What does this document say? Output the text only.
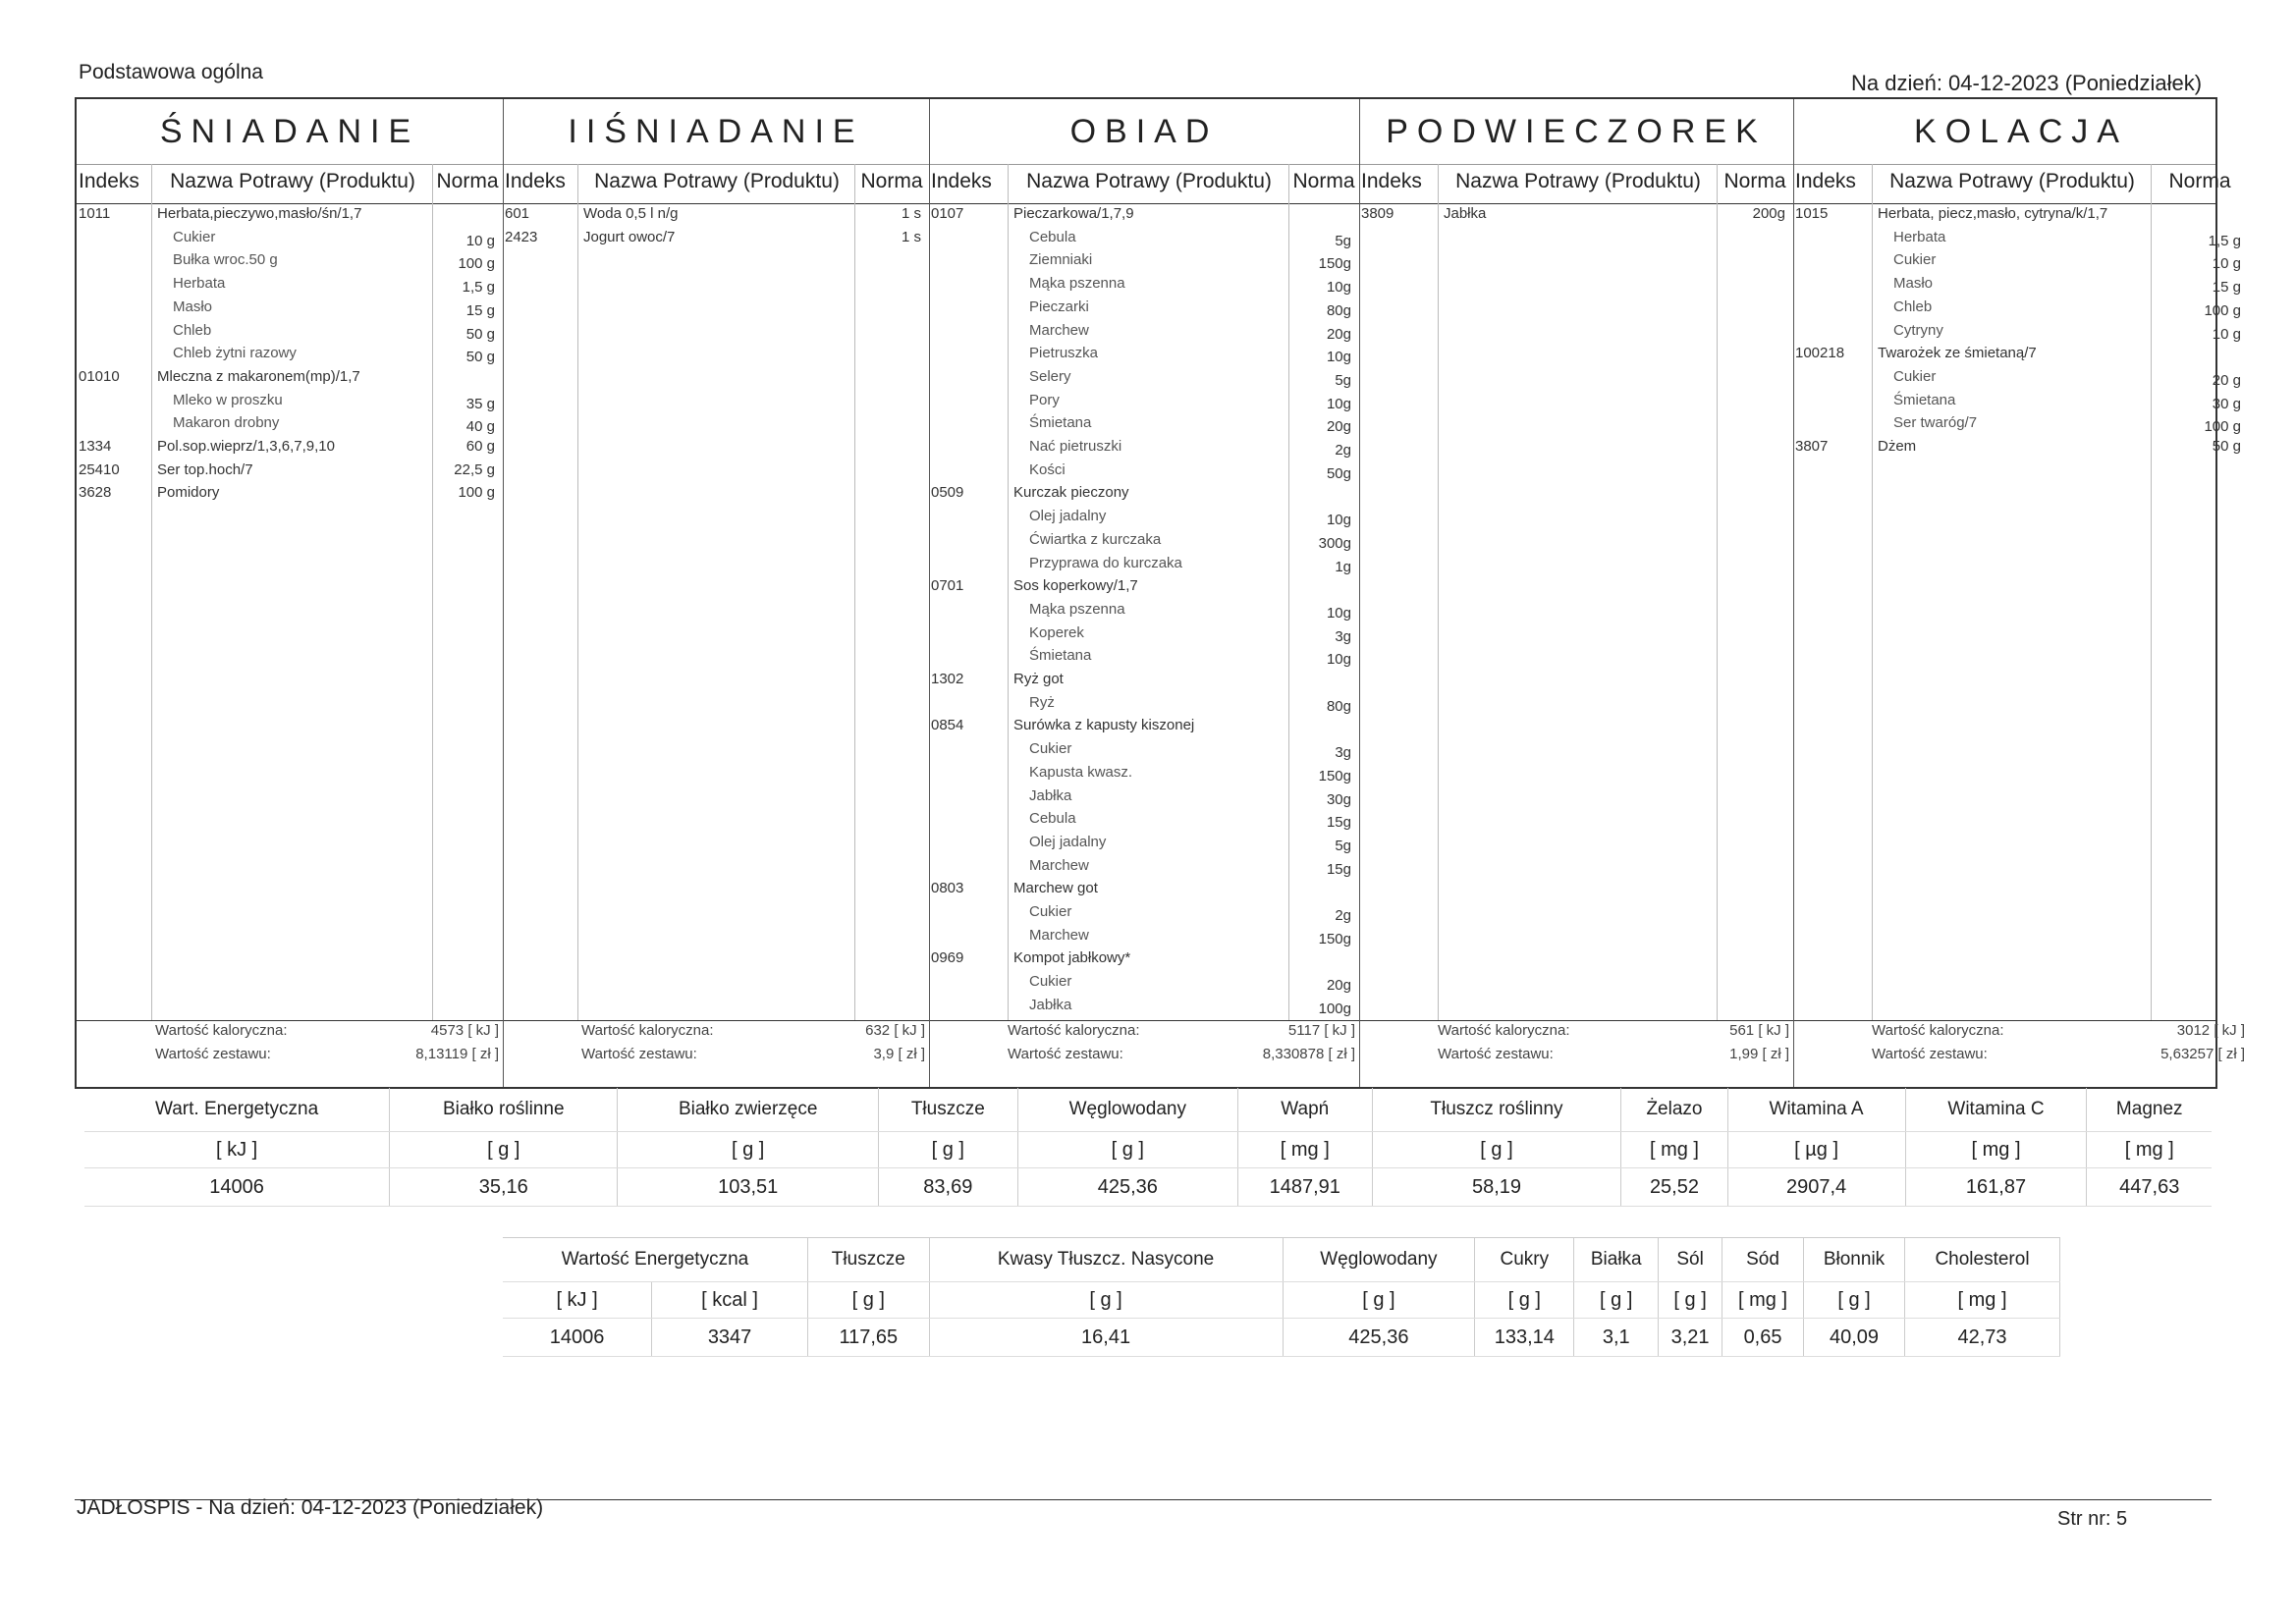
Podstawowa ogólna	Na dzień: 04-12-2023 (Poniedziałek)
ŚNIADANIE
Indeks	Nazwa Potrawy (Produktu)	Norma
1011	Herbata,pieczywo,masło/śn/1,7
Cukier	10 g
Bułka wroc.50 g	100 g
Herbata	1,5 g
Masło	15 g
Chleb	50 g
Chleb żytni razowy	50 g
01010	Mleczna z makaronem(mp)/1,7
Mleko w proszku	35 g
Makaron drobny	40 g
1334	Pol.sop.wieprz/1,3,6,7,9,10	60 g
25410	Ser top.hoch/7	22,5 g
3628	Pomidory	100 g
Wartość kaloryczna:	4573 [ kJ ]
Wartość zestawu:	8,13119 [ zł ]
IIŚNIADANIE
Indeks	Nazwa Potrawy (Produktu)	Norma
601	Woda 0,5 l n/g	1 s
2423	Jogurt owoc/7	1 s
Wartość kaloryczna:	632 [ kJ ]
Wartość zestawu:	3,9 [ zł ]
OBIAD
Indeks	Nazwa Potrawy (Produktu)	Norma
0107	Pieczarkowa/1,7,9
Cebula	5g
Ziemniaki	150g
Mąka pszenna	10g
Pieczarki	80g
Marchew	20g
Pietruszka	10g
Selery	5g
Pory	10g
Śmietana	20g
Nać pietruszki	2g
Kości	50g
0509	Kurczak pieczony
Olej jadalny	10g
Ćwiartka z kurczaka	300g
Przyprawa do kurczaka	1g
0701	Sos koperkowy/1,7
Mąka pszenna	10g
Koperek	3g
Śmietana	10g
1302	Ryż got
Ryż	80g
0854	Surówka z kapusty kiszonej
Cukier	3g
Kapusta kwasz.	150g
Jabłka	30g
Cebula	15g
Olej jadalny	5g
Marchew	15g
0803	Marchew got
Cukier	2g
Marchew	150g
0969	Kompot jabłkowy*
Cukier	20g
Jabłka	100g
Wartość kaloryczna:	5117 [ kJ ]
Wartość zestawu:	8,330878 [ zł ]
PODWIECZOREK
Indeks	Nazwa Potrawy (Produktu)	Norma
3809	Jabłka	200g
Wartość kaloryczna:	561 [ kJ ]
Wartość zestawu:	1,99 [ zł ]
KOLACJA
Indeks	Nazwa Potrawy (Produktu)	Norma
1015	Herbata, piecz,masło, cytryna/k/1,7
Herbata	1,5 g
Cukier	10 g
Masło	15 g
Chleb	100 g
Cytryny	10 g
100218 Twarożek ze śmietaną/7
Cukier	20 g
Śmietana	30 g
Ser twaróg/7	100 g
3807	Dżem	50 g
Wartość kaloryczna:	3012 [ kJ ]
Wartość zestawu:	5,63257 [ zł ]
Wart. Energetyczna	Białko roślinne	Białko zwierzęce	Tłuszcze	Węglowodany	Wapń	Tłuszcz roślinny	Żelazo	Witamina A	Witamina C	Magnez
[ kJ ]	[ g ]	[ g ]	[ g ]	[ g ]	[ mg ]	[ g ]	[ mg ]	[ µg ]	[ mg ]	[ mg ]
14006	35,16	103,51	83,69	425,36	1487,91	58,19	25,52	2907,4	161,87	447,63
Wartość Energetyczna		Tłuszcze	Kwasy Tłuszcz. Nasycone	Węglowodany	Cukry	Białka	Sól	Sód	Błonnik	Cholesterol
[ kJ ]	[ kcal ]	[ g ]	[ g ]	[ g ]	[ g ]	[ g ]	[ g ]	[ mg ]	[ g ]	[ mg ]
14006	3347	117,65	16,41	425,36	133,14	3,1	3,21	0,65	40,09	42,73
JADŁOSPIS - Na dzień: 04-12-2023 (Poniedziałek)	Str nr: 5
